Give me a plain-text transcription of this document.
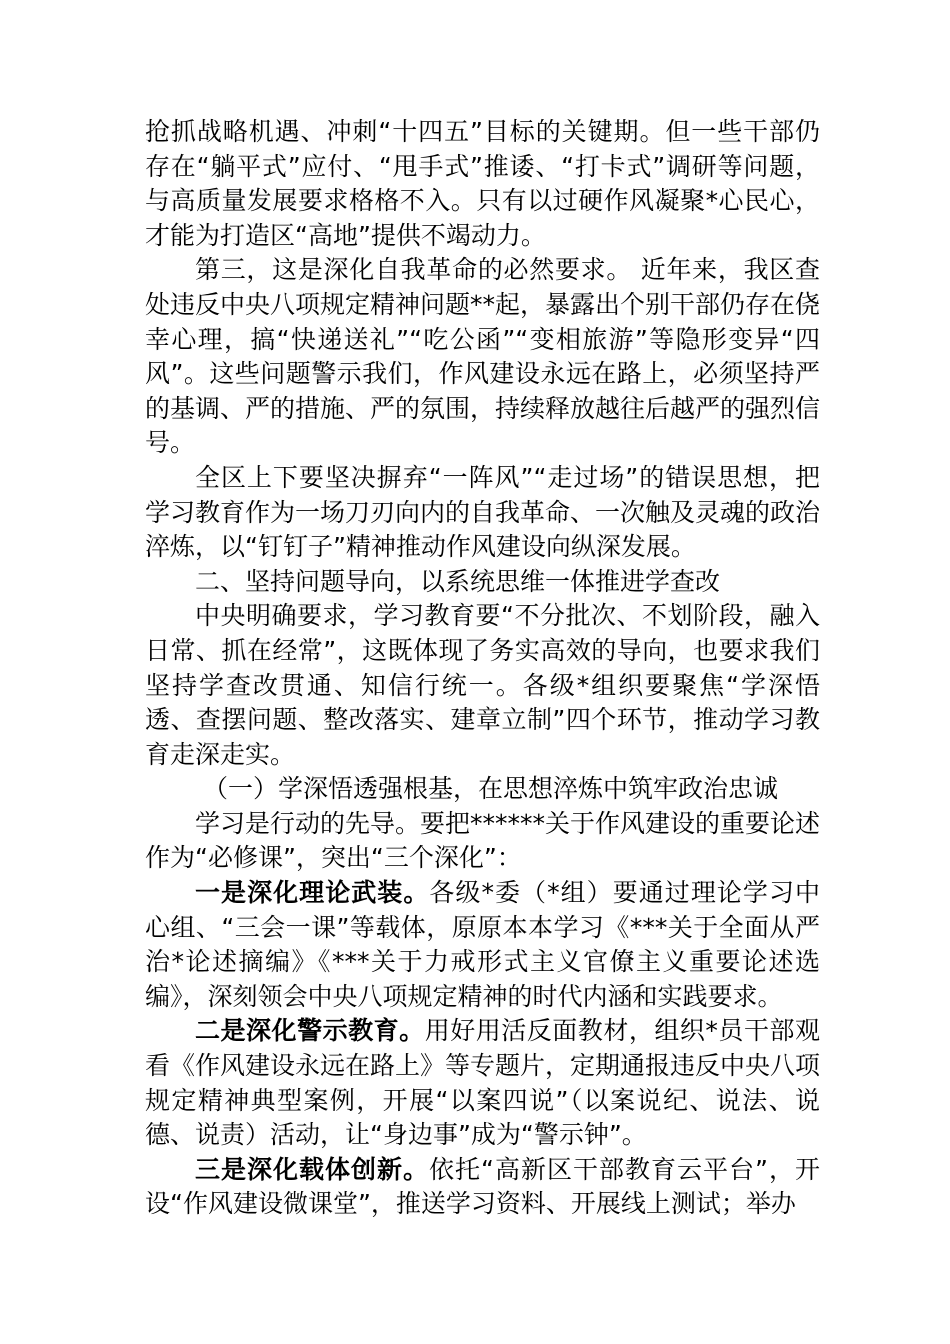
抢抓战略机遇、冲刺“十四五”目标的关键期。但一些干部仍存在“躺平式”应付、“甩手式”推诿、“打卡式”调研等问题，与高质量发展要求格格不入。只有以过硬作风凝聚*心民心，才能为打造区“高地”提供不竭动力。

第三，这是深化自我革命的必然要求。 近年来，我区查处违反中央八项规定精神问题**起，暴露出个别干部仍存在侥幸心理，搞“快递送礼”“吃公函”“变相旅游”等隐形变异“四风”。这些问题警示我们，作风建设永远在路上，必须坚持严的基调、严的措施、严的氛围，持续释放越往后越严的强烈信号。

全区上下要坚决摒弃“一阵风”“走过场”的错误思想，把学习教育作为一场刀刃向内的自我革命、一次触及灵魂的政治淬炼，以“钉钉子”精神推动作风建设向纵深发展。

二、坚持问题导向，以系统思维一体推进学查改

中央明确要求，学习教育要“不分批次、不划阶段，融入日常、抓在经常”，这既体现了务实高效的导向，也要求我们坚持学查改贯通、知信行统一。各级*组织要聚焦“学深悟透、查摆问题、整改落实、建章立制”四个环节，推动学习教育走深走实。

（一）学深悟透强根基，在思想淬炼中筑牢政治忠诚

学习是行动的先导。要把******关于作风建设的重要论述作为“必修课”，突出“三个深化”：

一是深化理论武装。各级*委（*组）要通过理论学习中心组、“三会一课”等载体，原原本本学习《***关于全面从严治*论述摘编》《***关于力戒形式主义官僚主义重要论述选编》，深刻领会中央八项规定精神的时代内涵和实践要求。

二是深化警示教育。用好用活反面教材，组织*员干部观看《作风建设永远在路上》等专题片，定期通报违反中央八项规定精神典型案例，开展“以案四说”（以案说纪、说法、说德、说责）活动，让“身边事”成为“警示钟”。

三是深化载体创新。依托“高新区干部教育云平台”，开设“作风建设微课堂”，推送学习资料、开展线上测试；举办
